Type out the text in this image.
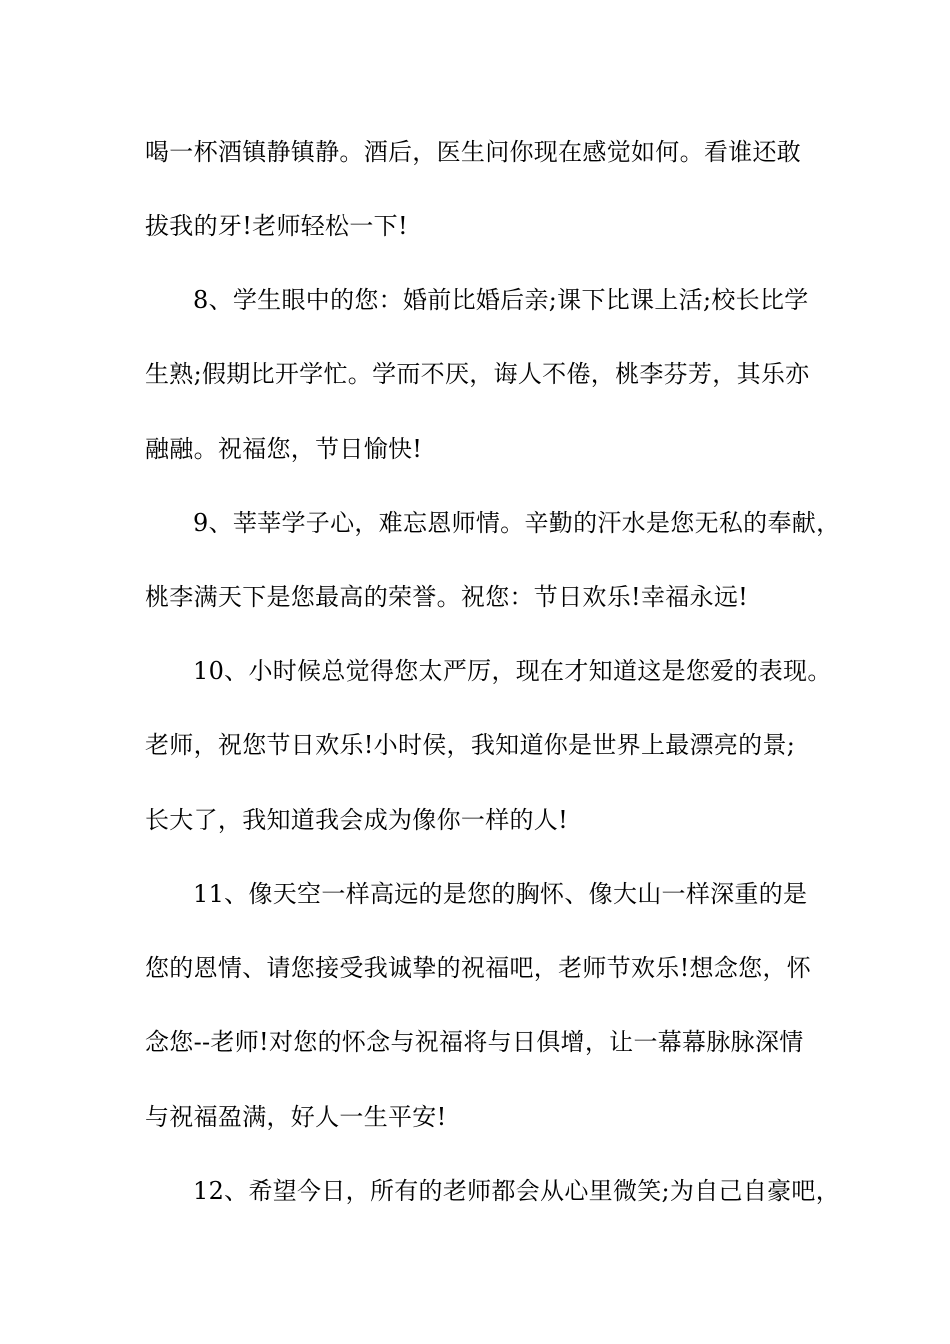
喝一杯酒镇静镇静。酒后，医生问你现在感觉如何。看谁还敢
拔我的牙!老师轻松一下!
8、学生眼中的您：婚前比婚后亲;课下比课上活;校长比学
生熟;假期比开学忙。学而不厌，诲人不倦，桃李芬芳，其乐亦
融融。祝福您，节日愉快!
9、莘莘学子心，难忘恩师情。辛勤的汗水是您无私的奉献，
桃李满天下是您最高的荣誉。祝您：节日欢乐!幸福永远!
10、小时候总觉得您太严厉，现在才知道这是您爱的表现。
老师，祝您节日欢乐!小时侯，我知道你是世界上最漂亮的景;
长大了，我知道我会成为像你一样的人!
11、像天空一样高远的是您的胸怀、像大山一样深重的是
您的恩情、请您接受我诚挚的祝福吧，老师节欢乐!想念您，怀
念您--老师!对您的怀念与祝福将与日俱增，让一幕幕脉脉深情
与祝福盈满，好人一生平安!
12、希望今日，所有的老师都会从心里微笑;为自己自豪吧，
